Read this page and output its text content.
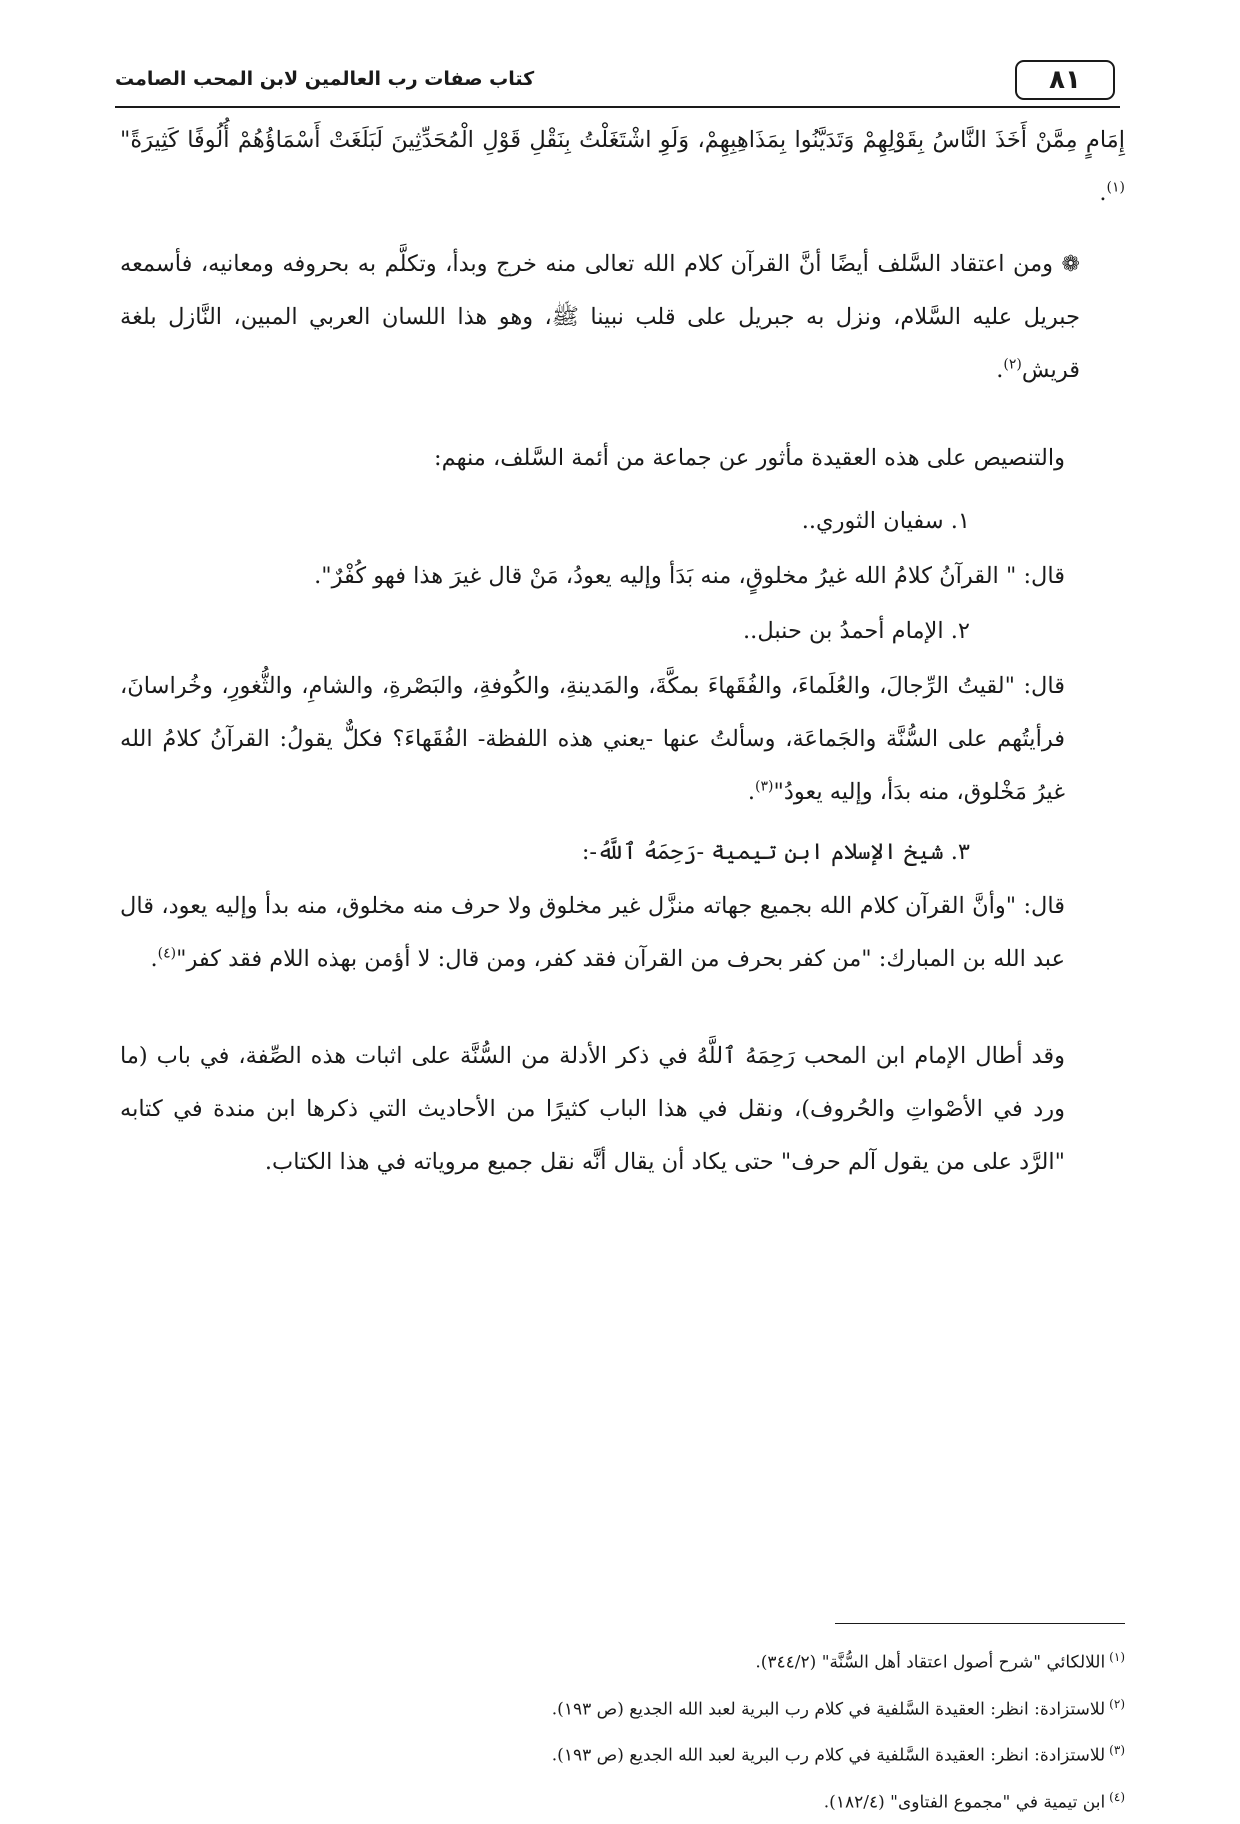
٨١
كتاب صفات رب العالمين لابن المحب الصامت
إِمَامٍ مِمَّنْ أَخَذَ النَّاسُ بِقَوْلِهِمْ وَتَدَيَّنُوا بِمَذَاهِبِهِمْ، وَلَوِ اشْتَغَلْتُ بِنَقْلِ قَوْلِ الْمُحَدِّثِينَ لَبَلَغَتْ أَسْمَاؤُهُمْ أُلُوفًا كَثِيرَةً"$^{(١)}$.
❁ ومن اعتقاد السَّلف أيضًا أنَّ القرآن كلام الله تعالى منه خرج وبدأ، وتكلَّم به بحروفه ومعانيه، فأسمعه جبريل عليه السَّلام، ونزل به جبريل على قلب نبينا ﷺ، وهو هذا اللسان العربي المبين، النَّازل بلغة قريش$^{(٢)}$.
والتنصيص على هذه العقيدة مأثور عن جماعة من أئمة السَّلف، منهم:
١. سفيان الثوري..
قال: " القرآنُ كلامُ الله غيرُ مخلوقٍ، منه بَدَأ وإليه يعودُ، مَنْ قال غيرَ هذا فهو كُفْرٌ".
٢. الإمام أحمدُ بن حنبل..
قال: "لقيتُ الرِّجالَ، والعُلَماءَ، والفُقَهاءَ بمكَّةَ، والمَدينةِ، والكُوفةِ، والبَصْرةِ، والشامِ، والثُّغورِ، وخُراسانَ، فرأيتُهم على السُّنَّة والجَماعَة، وسألتُ عنها -يعني هذه اللفظة- الفُقَهاءَ؟ فكلٌّ يقولُ: القرآنُ كلامُ الله غيرُ مَخْلوق، منه بدَأ، وإليه يعودُ"$^{(٣)}$.
٣. شيخ الإسلام ابن تيمية -رَحِمَهُ ٱللَّهُ-:
قال: "وأنَّ القرآن كلام الله بجميع جهاته منزَّل غير مخلوق ولا حرف منه مخلوق، منه بدأ وإليه يعود، قال عبد الله بن المبارك: "من كفر بحرف من القرآن فقد كفر، ومن قال: لا أؤمن بهذه اللام فقد كفر"$^{(٤)}$.
وقد أطال الإمام ابن المحب رَحِمَهُ ٱللَّهُ في ذكر الأدلة من السُّنَّة على اثبات هذه الصِّفة، في باب (ما ورد في الأصْواتِ والحُروف)، ونقل في هذا الباب كثيرًا من الأحاديث التي ذكرها ابن مندة في كتابه "الرَّد على من يقول آلم حرف" حتى يكاد أن يقال أنَّه نقل جميع مروياته في هذا الكتاب.
$^{(١)}$اللالكائي "شرح أصول اعتقاد أهل السُّنَّة" (٣٤٤/٢).
$^{(٢)}$للاستزادة: انظر: العقيدة السَّلفية في كلام رب البرية لعبد الله الجديع (ص ١٩٣).
$^{(٣)}$للاستزادة: انظر: العقيدة السَّلفية في كلام رب البرية لعبد الله الجديع (ص ١٩٣).
$^{(٤)}$ابن تيمية في "مجموع الفتاوى" (١٨٢/٤).
